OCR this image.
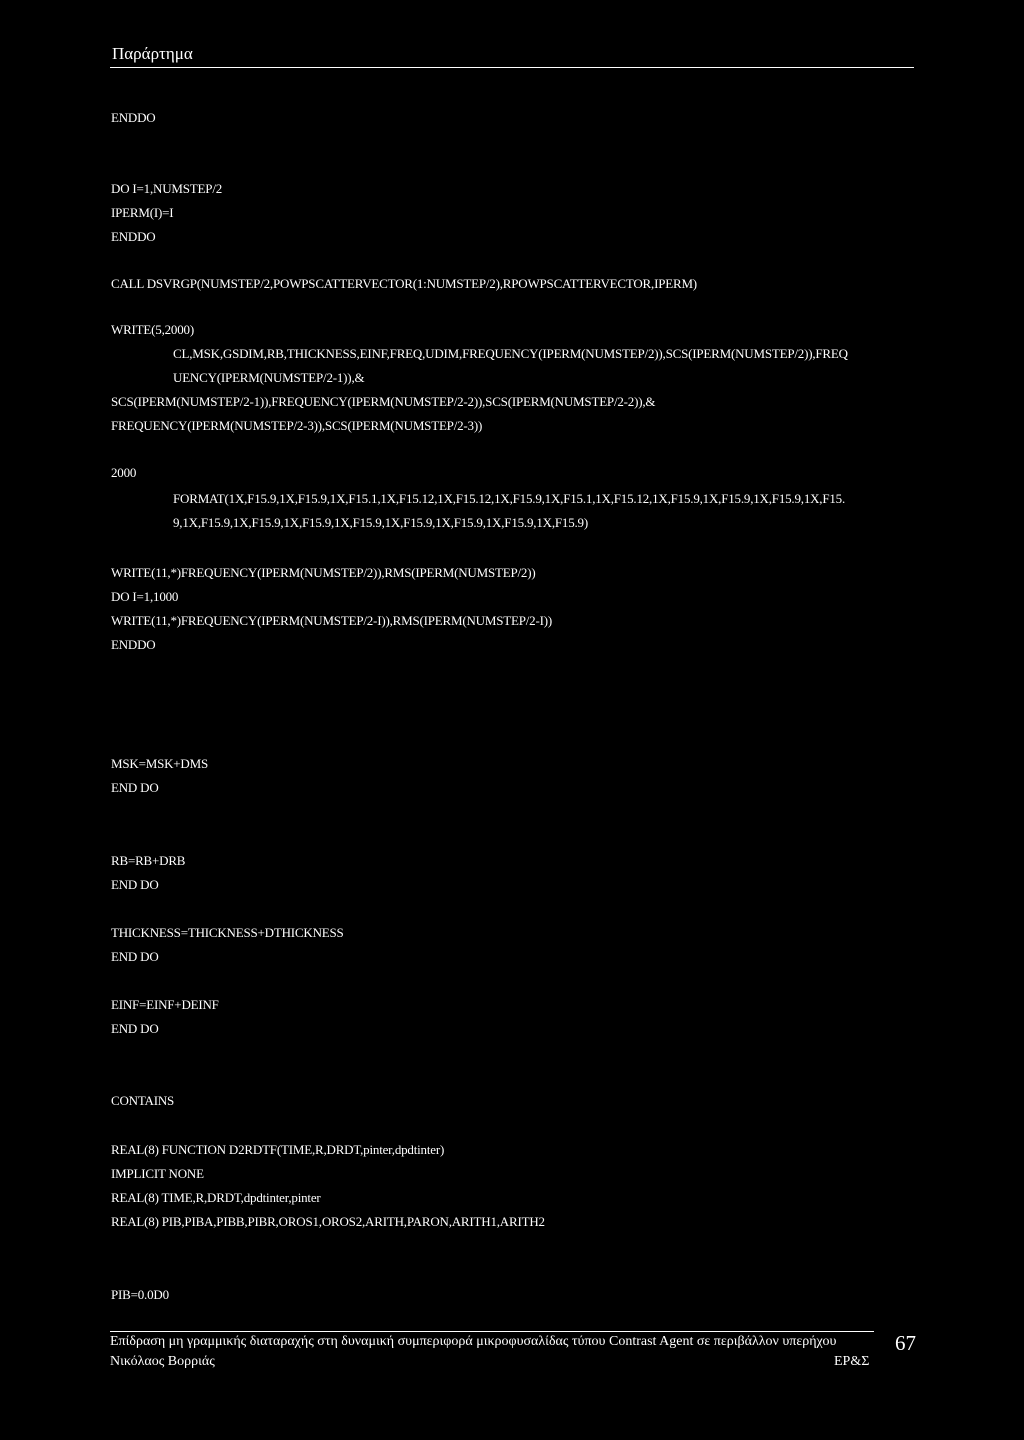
Παράρτημα
ENDDO
DO I=1,NUMSTEP/2
IPERM(I)=I
ENDDO
CALL DSVRGP(NUMSTEP/2,POWPSCATTERVECTOR(1:NUMSTEP/2),RPOWPSCATTERVECTOR,IPERM)
WRITE(5,2000)
CL,MSK,GSDIM,RB,THICKNESS,EINF,FREQ,UDIM,FREQUENCY(IPERM(NUMSTEP/2)),SCS(IPERM(NUMSTEP/2)),FREQ
UENCY(IPERM(NUMSTEP/2-1)),&
SCS(IPERM(NUMSTEP/2-1)),FREQUENCY(IPERM(NUMSTEP/2-2)),SCS(IPERM(NUMSTEP/2-2)),&
FREQUENCY(IPERM(NUMSTEP/2-3)),SCS(IPERM(NUMSTEP/2-3))
2000
FORMAT(1X,F15.9,1X,F15.9,1X,F15.1,1X,F15.12,1X,F15.12,1X,F15.9,1X,F15.1,1X,F15.12,1X,F15.9,1X,F15.9,1X,F15.9,1X,F15.
9,1X,F15.9,1X,F15.9,1X,F15.9,1X,F15.9,1X,F15.9,1X,F15.9,1X,F15.9,1X,F15.9)
WRITE(11,*)FREQUENCY(IPERM(NUMSTEP/2)),RMS(IPERM(NUMSTEP/2))
DO I=1,1000
WRITE(11,*)FREQUENCY(IPERM(NUMSTEP/2-I)),RMS(IPERM(NUMSTEP/2-I))
ENDDO
MSK=MSK+DMS
END DO
RB=RB+DRB
END DO
THICKNESS=THICKNESS+DTHICKNESS
END DO
EINF=EINF+DEINF
END DO
CONTAINS
REAL(8) FUNCTION D2RDTF(TIME,R,DRDT,pinter,dpdtinter)
IMPLICIT NONE
REAL(8) TIME,R,DRDT,dpdtinter,pinter
REAL(8) PIB,PIBA,PIBB,PIBR,OROS1,OROS2,ARITH,PARON,ARITH1,ARITH2
PIB=0.0D0
Επίδραση μη γραμμικής διαταραχής στη δυναμική συμπεριφορά μικροφυσαλίδας τύπου Contrast Agent σε περιβάλλον υπερήχου
Νικόλαος Βορριάς	ΕΡ&Σ
67
